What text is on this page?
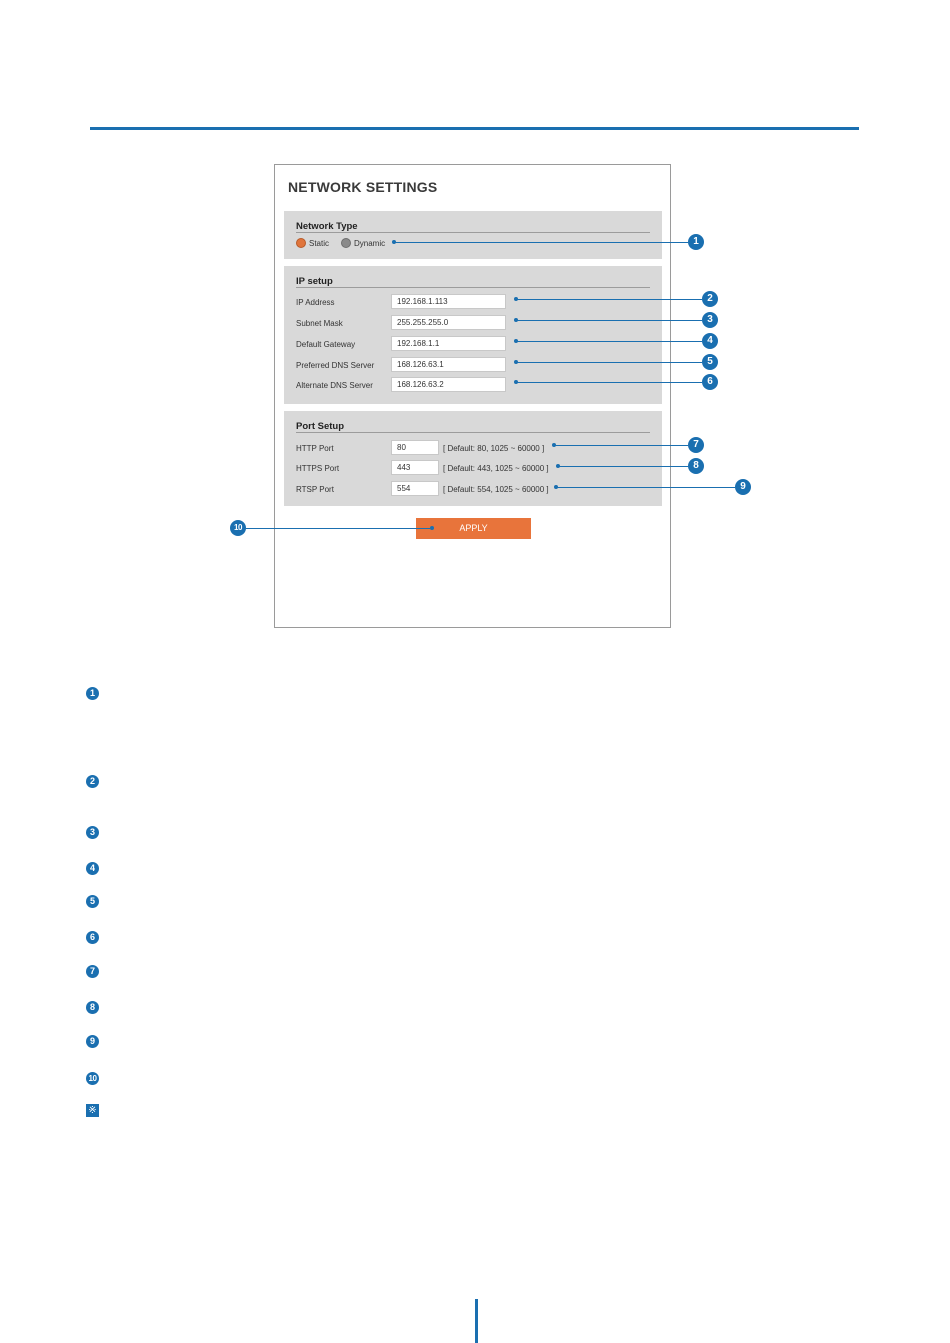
NETWORK SETTINGS
Network Type
Static	Dynamic
IP setup
IP Address	192.168.1.113
Subnet Mask	255.255.255.0
Default Gateway	192.168.1.1
Preferred DNS Server	168.126.63.1
Alternate DNS Server	168.126.63.2
Port Setup
HTTP Port	80	[ Default: 80, 1025 ~ 60000 ]
HTTPS Port	443	[ Default: 443, 1025 ~ 60000 ]
RTSP Port	554	[ Default: 554, 1025 ~ 60000 ]
APPLY
1
2
3
4
5
6
7
8
9
10
1
2
3
4
5
6
7
8
9
10
※
